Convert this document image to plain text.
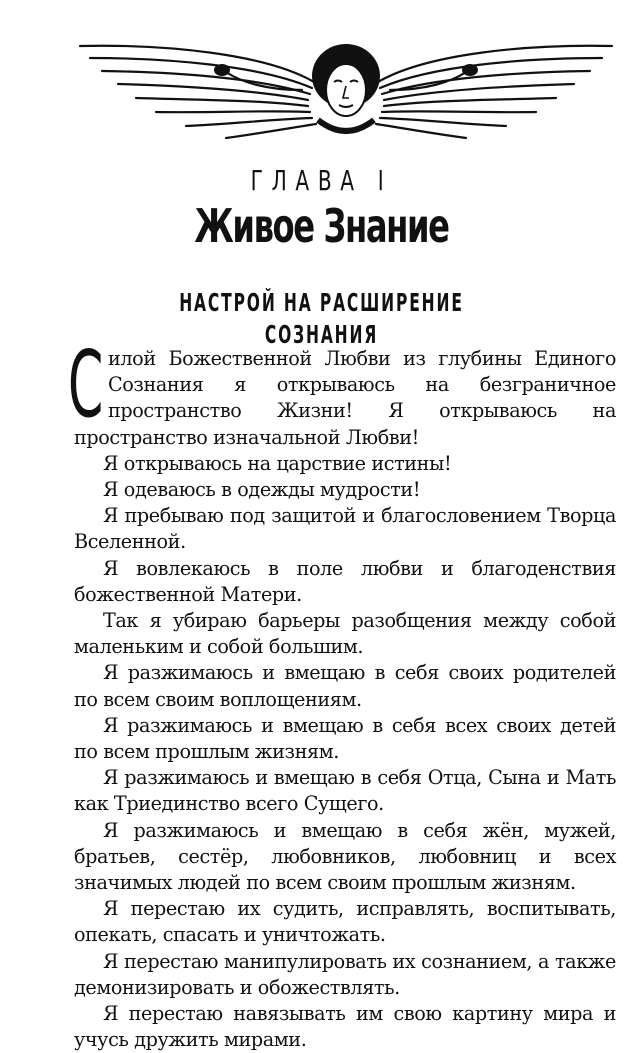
ГЛАВА I
Живое Знание
НАСТРОЙ НА РАСШИРЕНИЕ СОЗНАНИЯ

Силой Божественной Любви из глубины Единого Сознания я открываюсь на безграничное пространство Жизни! Я открываюсь на пространство изначальной Любви!

Я открываюсь на царствие истины!

Я одеваюсь в одежды мудрости!

Я пребываю под защитой и благословением Творца Вселенной.

Я вовлекаюсь в поле любви и благоденствия божественной Матери.

Так я убираю барьеры разобщения между собой маленьким и собой большим.

Я разжимаюсь и вмещаю в себя своих родителей по всем своим воплощениям.

Я разжимаюсь и вмещаю в себя всех своих детей по всем прошлым жизням.

Я разжимаюсь и вмещаю в себя Отца, Сына и Мать как Триединство всего Сущего.

Я разжимаюсь и вмещаю в себя жён, мужей, братьев, сестёр, любовников, любовниц и всех значимых людей по всем своим прошлым жизням.

Я перестаю их судить, исправлять, воспитывать, опекать, спасать и уничтожать.

Я перестаю манипулировать их сознанием, а также демонизировать и обожествлять.

Я перестаю навязывать им свою картину мира и учусь дружить мирами.
